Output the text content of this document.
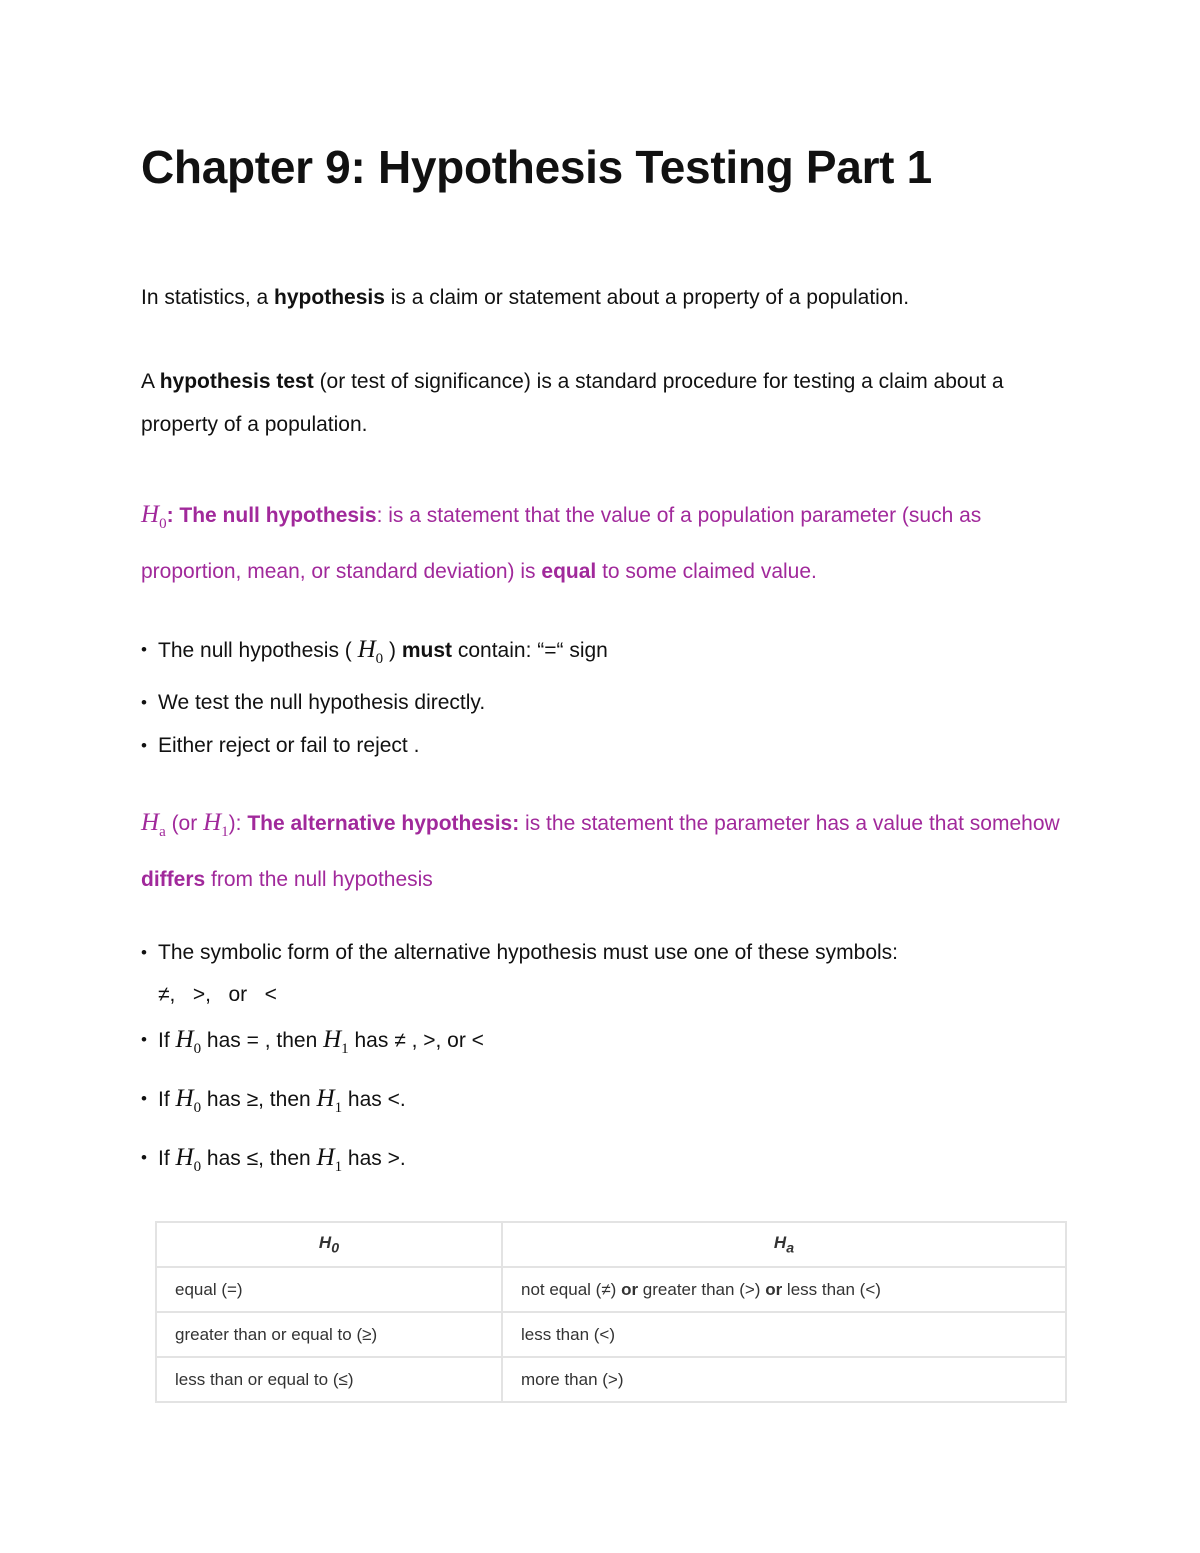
Chapter 9: Hypothesis Testing Part 1
In statistics, a hypothesis is a claim or statement about a property of a population.
A hypothesis test (or test of significance) is a standard procedure for testing a claim about a property of a population.
$H_0$: The null hypothesis: is a statement that the value of a population parameter (such as proportion, mean, or standard deviation) is equal to some claimed value.
• The null hypothesis ( $H_0$ ) must contain: “=“ sign
• We test the null hypothesis directly.
• Either reject or fail to reject .
$H_a$ (or $H_1$): The alternative hypothesis: is the statement the parameter has a value that somehow differs from the null hypothesis
• The symbolic form of the alternative hypothesis must use one of these symbols:
≠,   >,   or   <
• If $H_0$ has = , then $H_1$ has ≠ , >, or <
• If $H_0$ has ≥, then $H_1$ has <.
• If $H_0$ has ≤, then $H_1$ has >.
$H_0$	$H_a$
equal (=)	not equal (≠) or greater than (>) or less than (<)
greater than or equal to (≥)	less than (<)
less than or equal to (≤)	more than (>)
